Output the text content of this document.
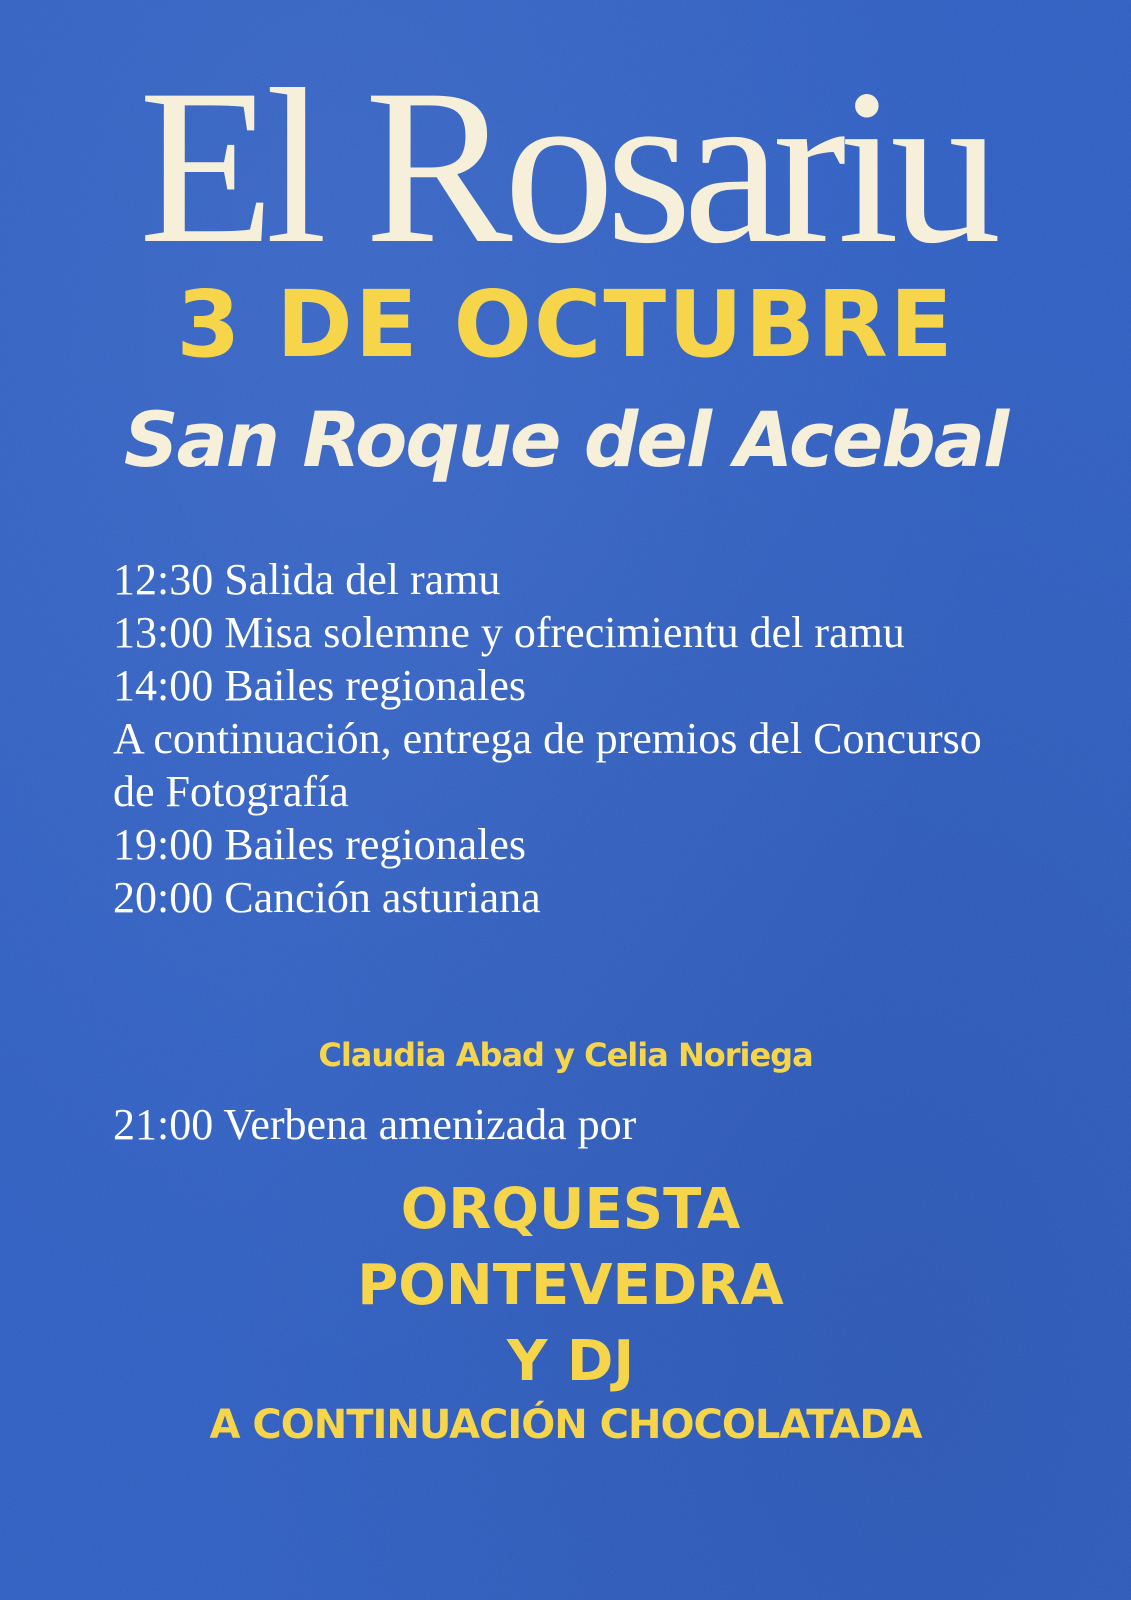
El Rosariu
3 DE OCTUBRE
San Roque del Acebal
12:30 Salida del ramu
13:00 Misa solemne y ofrecimientu del ramu
14:00 Bailes regionales
A continuación, entrega de premios del Concurso de Fotografía
19:00 Bailes regionales
20:00 Canción asturiana
Claudia Abad y Celia Noriega
21:00 Verbena amenizada por
ORQUESTA
PONTEVEDRA
Y DJ
A CONTINUACIÓN CHOCOLATADA
